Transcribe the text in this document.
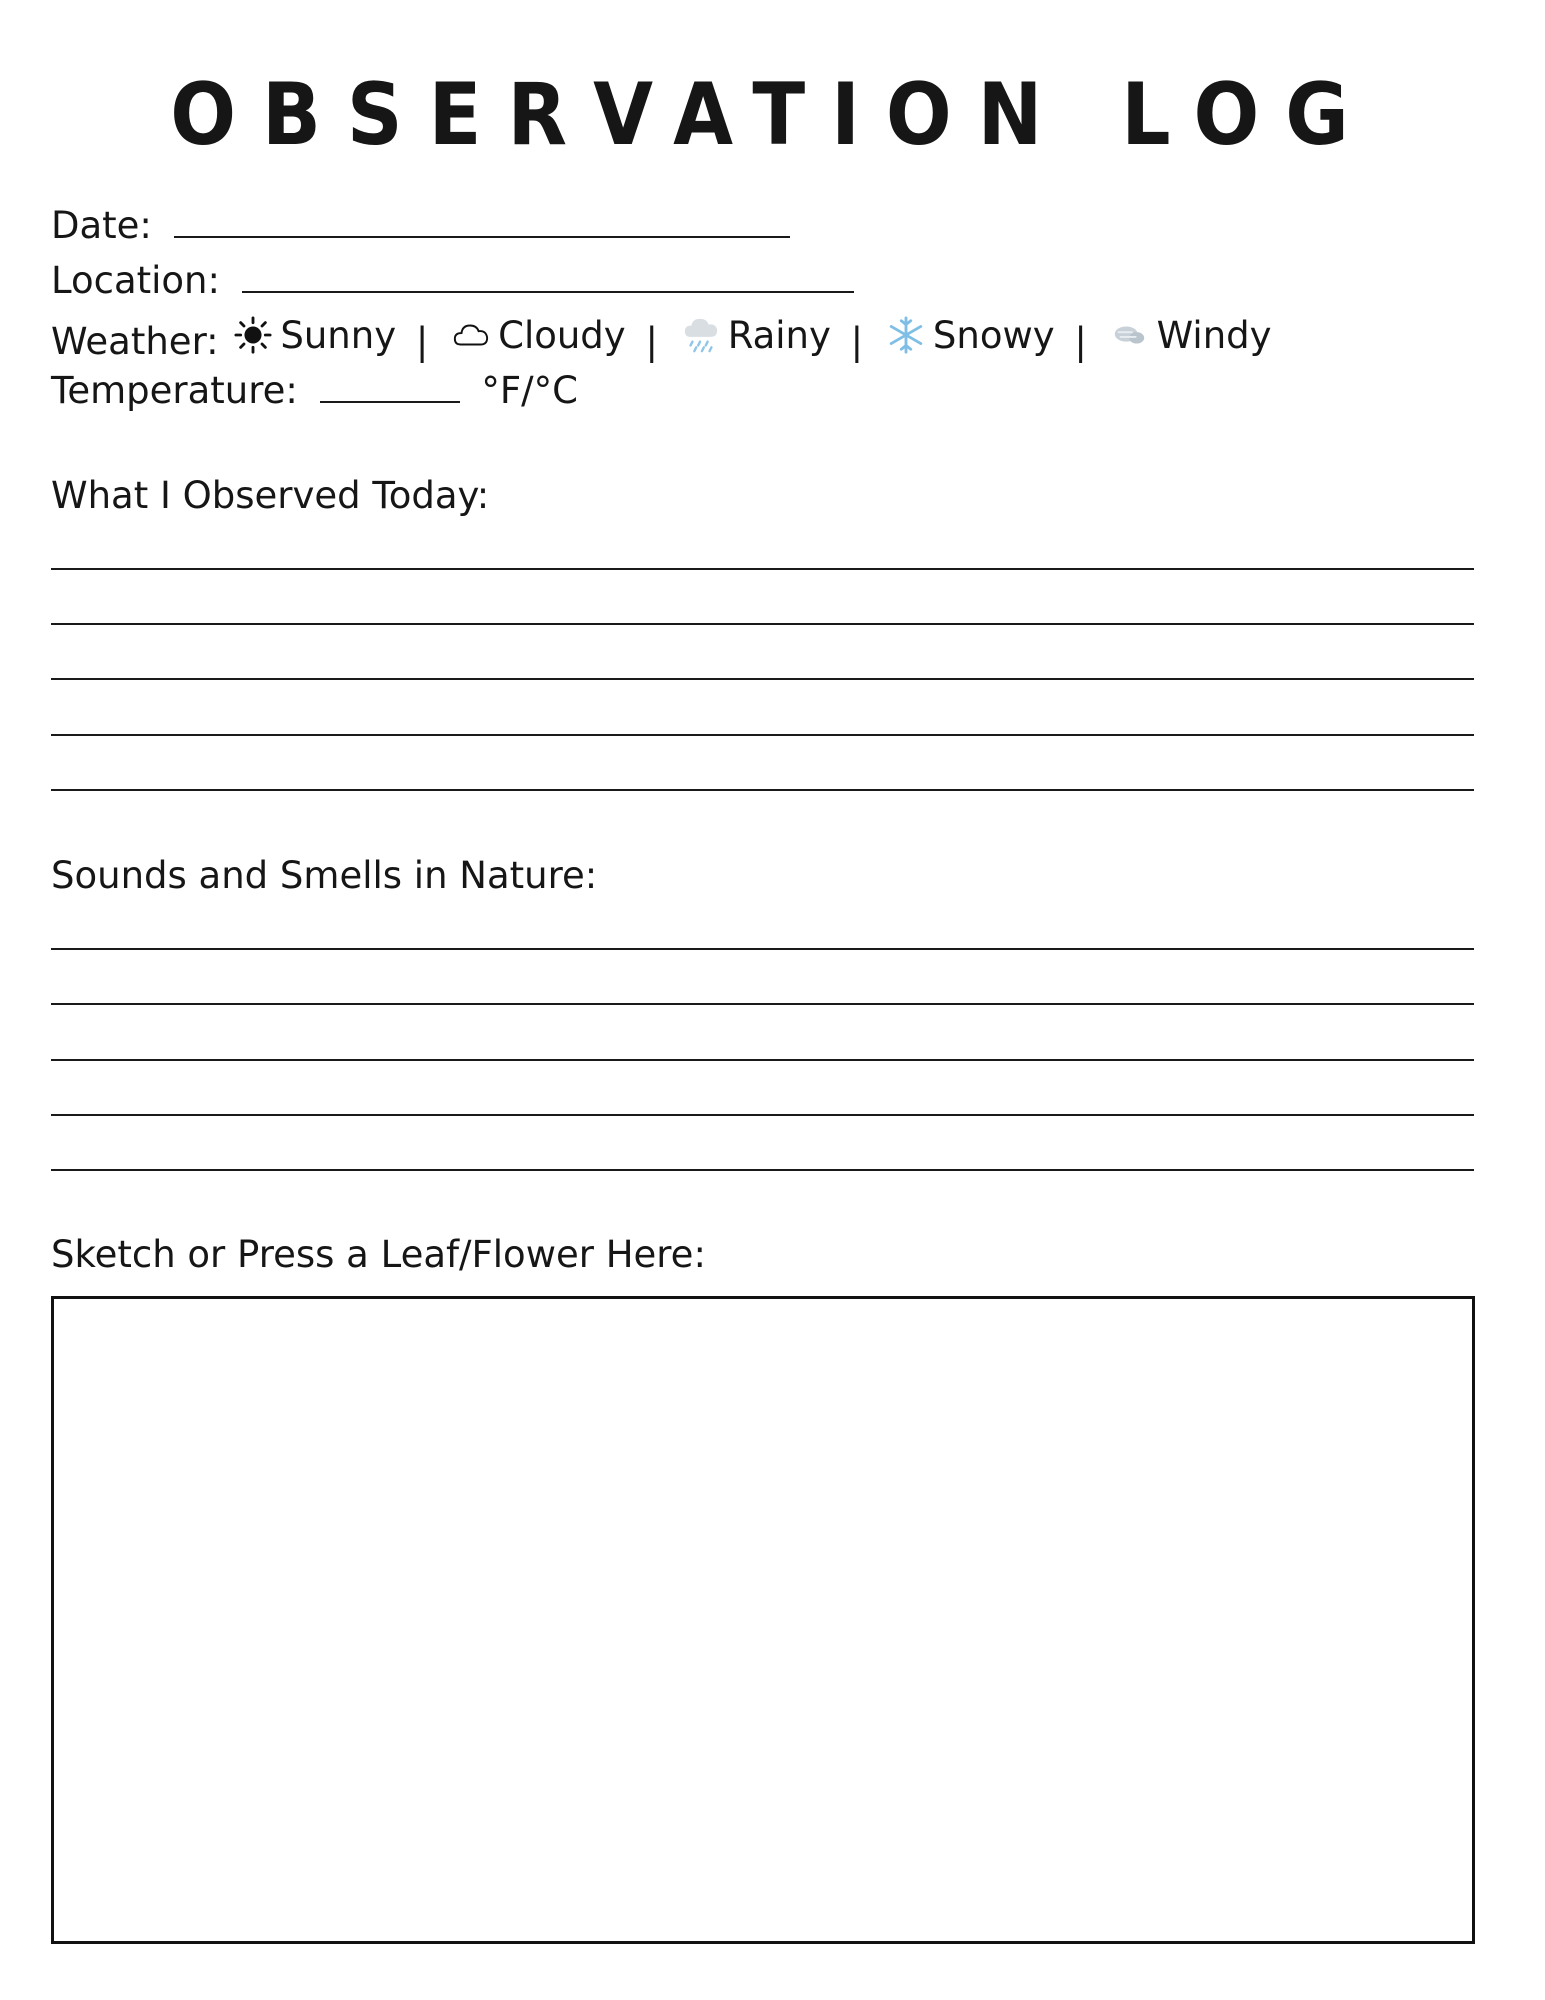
OBSERVATION LOG
Date:
Location:
Weather: Sunny | Cloudy | Rainy | Snowy | Windy
Temperature:	°F/°C
What I Observed Today:
Sounds and Smells in Nature:
Sketch or Press a Leaf/Flower Here:
